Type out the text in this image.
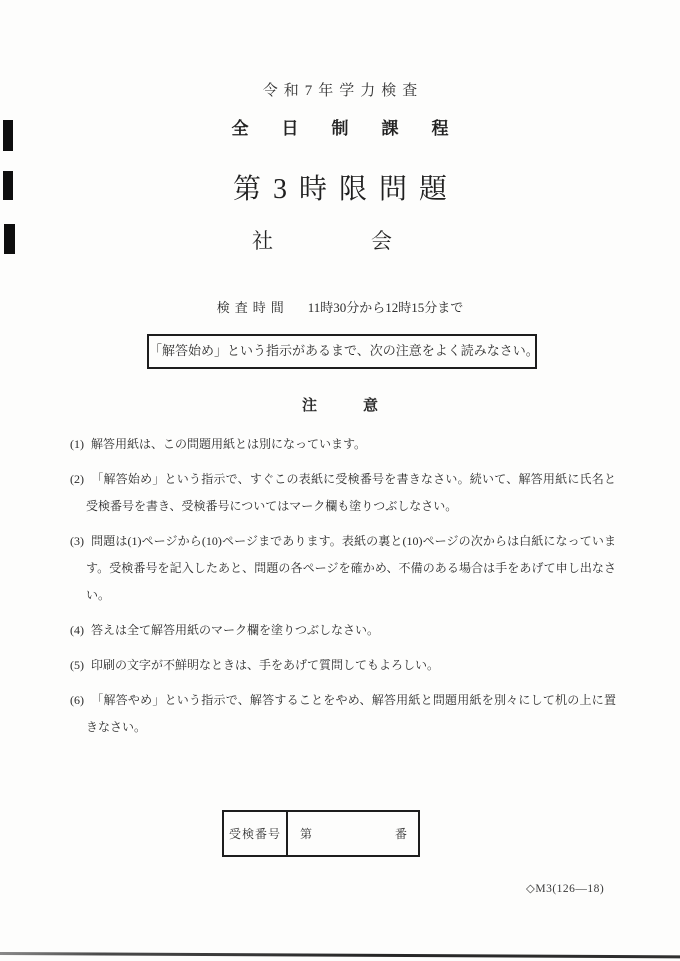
令和7年学力検査
全日制課程
第3時限問題
社会
検査時間 11時30分から12時15分まで
「解答始め」という指示があるまで、次の注意をよく読みなさい。
注意
(1) 解答用紙は、この問題用紙とは別になっています。
(2) 「解答始め」という指示で、すぐこの表紙に受検番号を書きなさい。続いて、解答用紙に氏名と受検番号を書き、受検番号についてはマーク欄も塗りつぶしなさい。
(3) 問題は(1)ページから(10)ページまであります。表紙の裏と(10)ページの次からは白紙になっています。受検番号を記入したあと、問題の各ページを確かめ、不備のある場合は手をあげて申し出なさい。
(4) 答えは全て解答用紙のマーク欄を塗りつぶしなさい。
(5) 印刷の文字が不鮮明なときは、手をあげて質問してもよろしい。
(6) 「解答やめ」という指示で、解答することをやめ、解答用紙と問題用紙を別々にして机の上に置きなさい。
受検番号	第	番
◇M3(126—18)
